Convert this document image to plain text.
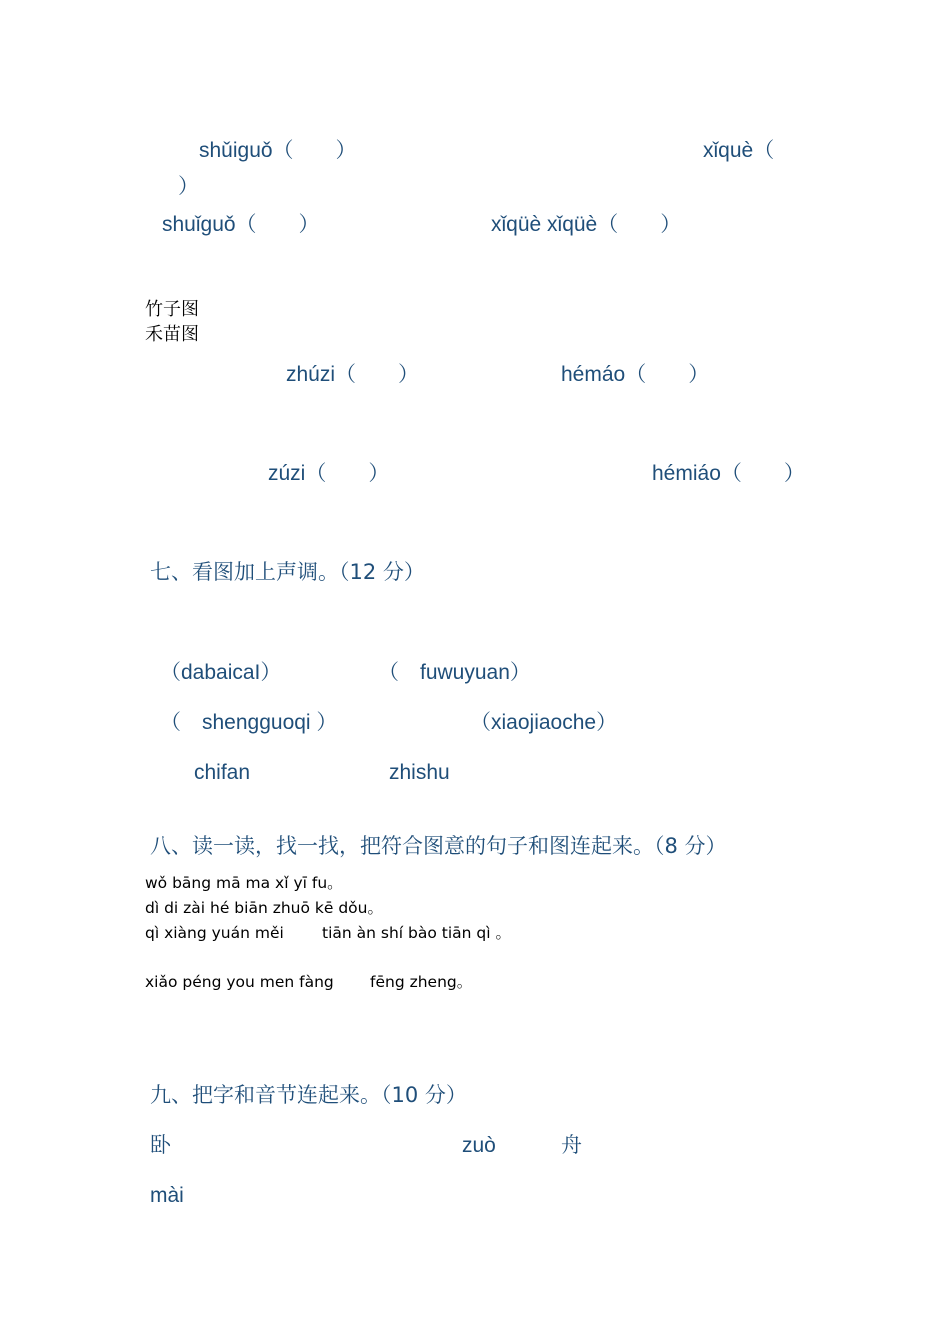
shǔiguǒ（　　）	xǐquè（
）
shuǐguǒ（　　）	xǐqüè xǐqüè（　　）
竹子图
禾苗图
zhúzi（　　）	hémáo（　　）
zúzi（　　）	hémiáo（　　）
七、看图加上声调。（12 分）
（dabaicaI）	（　fuwuyuan）
（　shengguoqi ）	（xiaojiaoche）
chifan	zhishu
八、读一读，找一找，把符合图意的句子和图连起来。（8 分）
wǒ bāng mā ma xǐ yī fu。
dì di zài hé biān zhuō kē dǒu。
qì xiàng yuán měi tiān àn shí bào tiān qì 。
xiǎo péng you men fàng fēng zheng。
九、把字和音节连起来。（10 分）
卧	zuò	舟
mài
